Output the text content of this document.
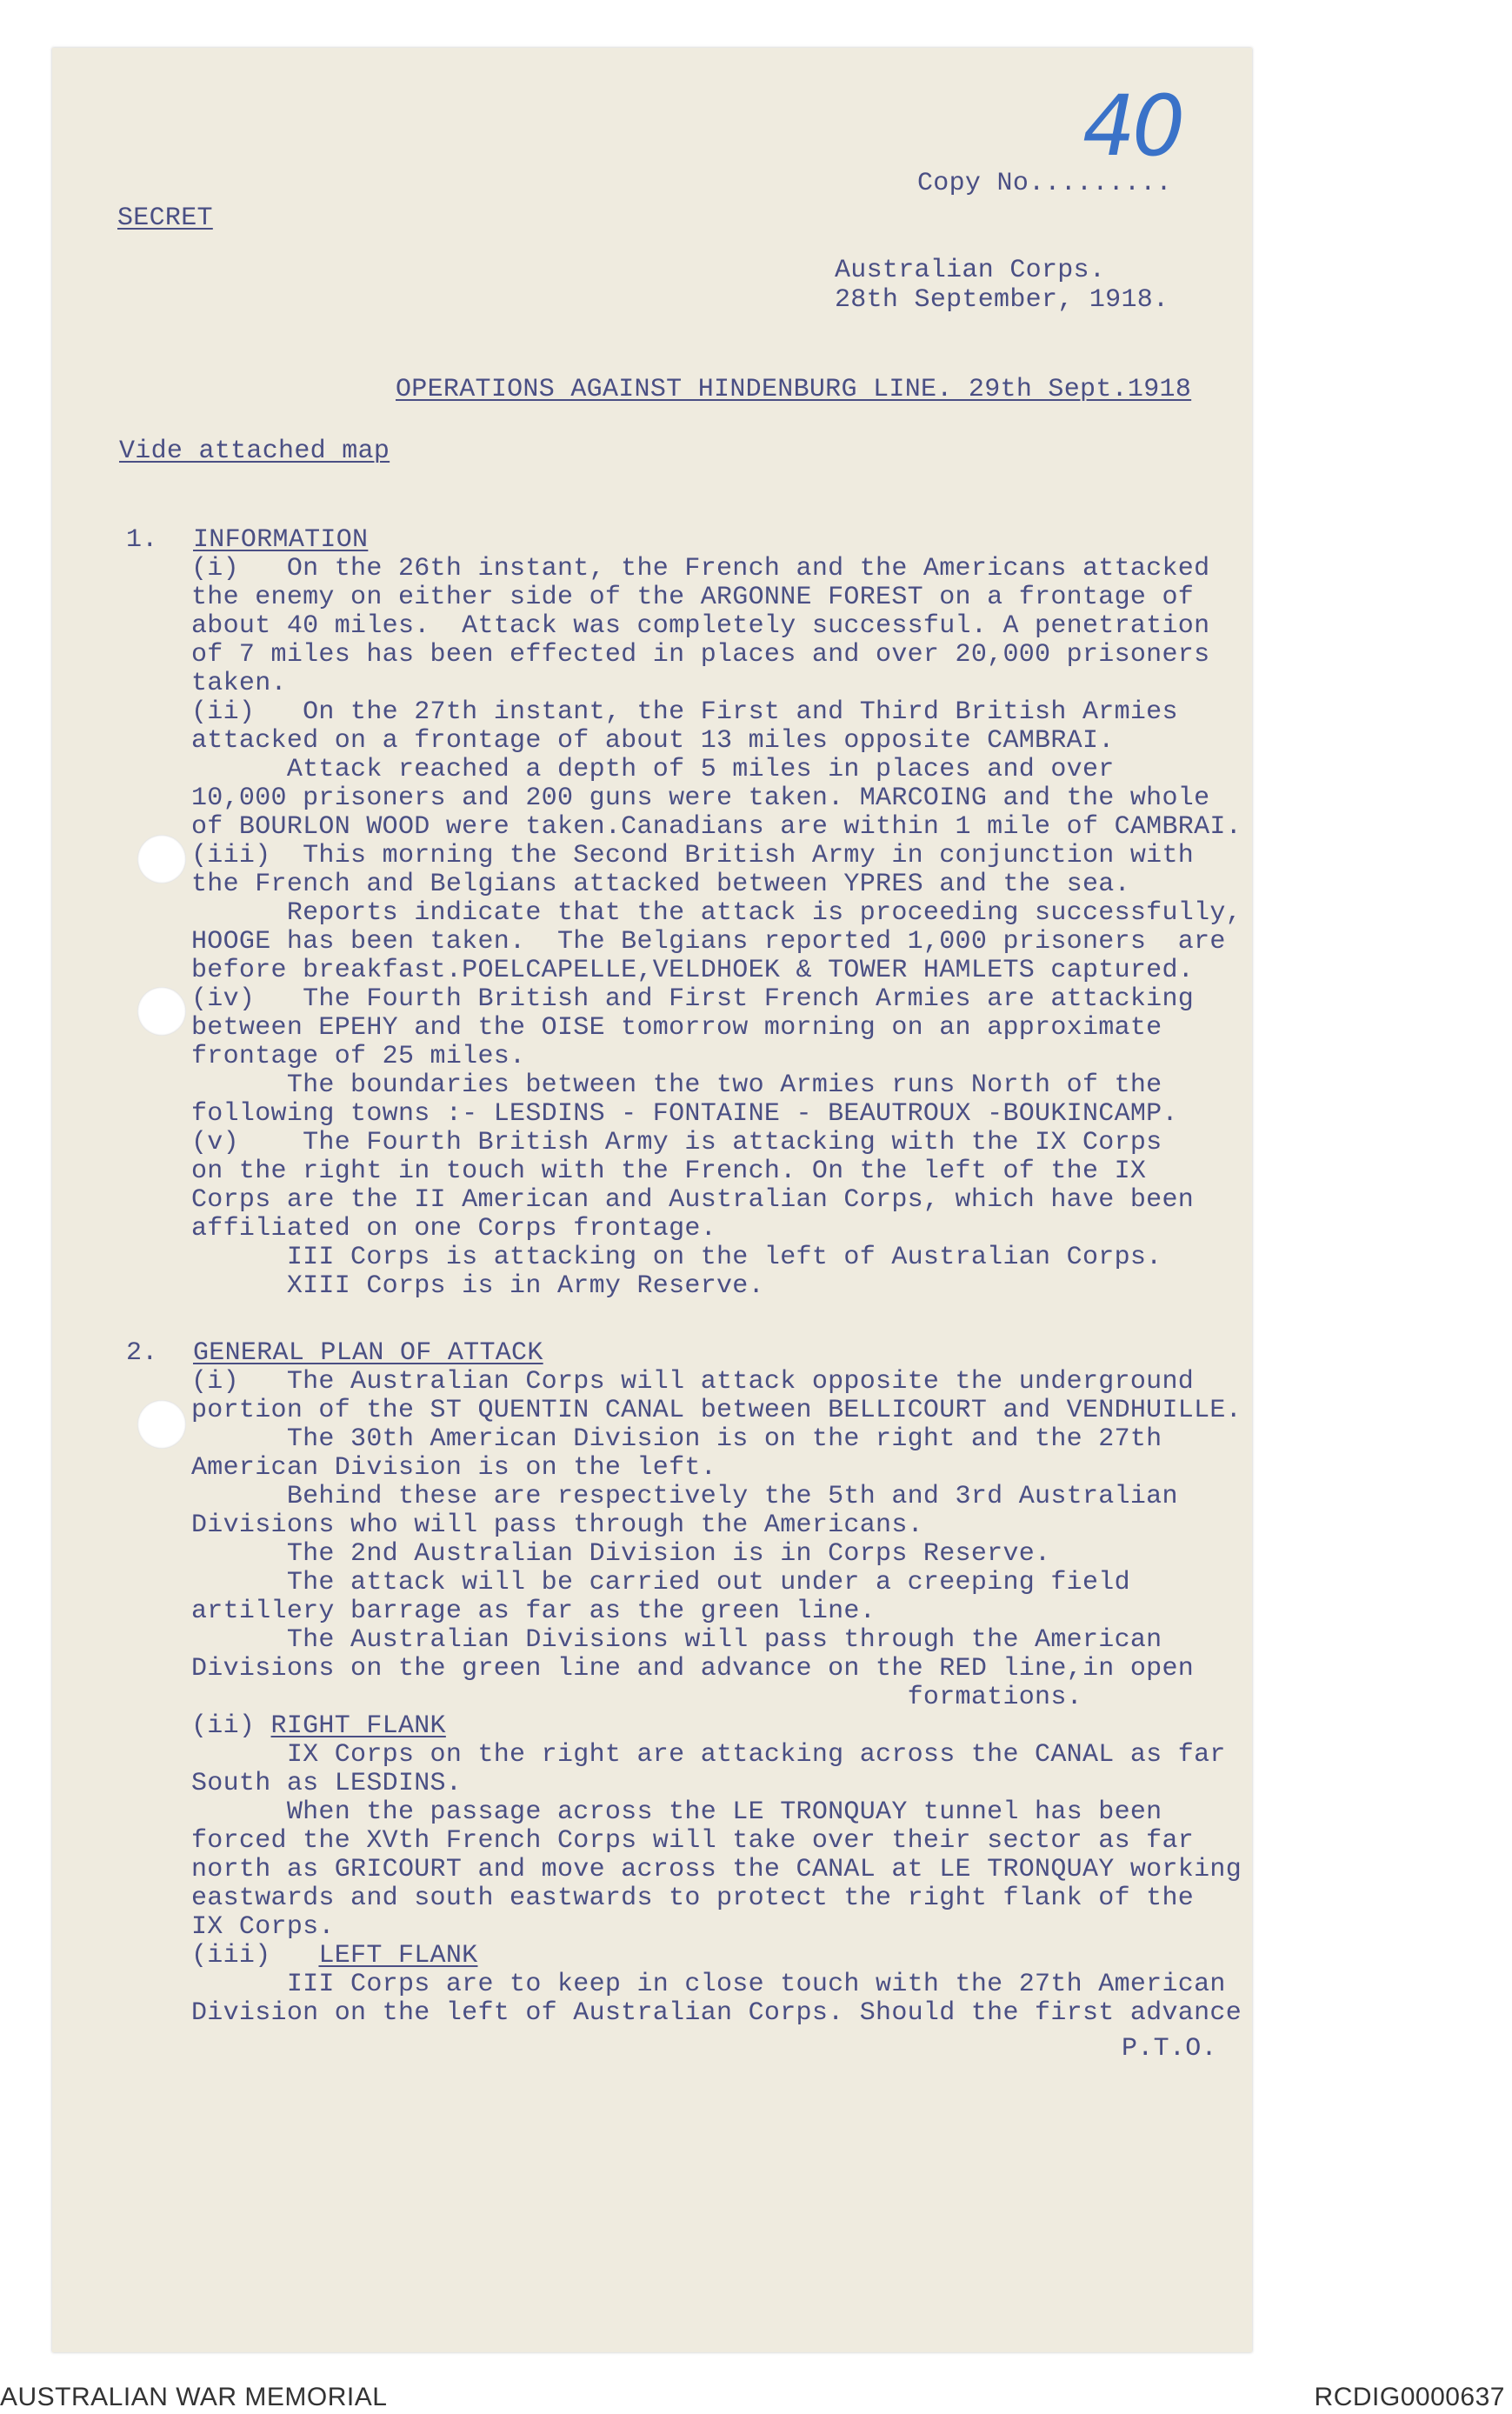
40
Copy No.........
SECRET
Australian Corps.
28th September, 1918.
OPERATIONS AGAINST HINDENBURG LINE. 29th Sept.1918
Vide attached map
1. INFORMATION
(i)   On the 26th instant, the French and the Americans attacked
the enemy on either side of the ARGONNE FOREST on a frontage of
about 40 miles.  Attack was completely successful. A penetration
of 7 miles has been effected in places and over 20,000 prisoners
taken.
(ii)   On the 27th instant, the First and Third British Armies
attacked on a frontage of about 13 miles opposite CAMBRAI.
Attack reached a depth of 5 miles in places and over
10,000 prisoners and 200 guns were taken. MARCOING and the whole
of BOURLON WOOD were taken.Canadians are within 1 mile of CAMBRAI.
(iii)  This morning the Second British Army in conjunction with
the French and Belgians attacked between YPRES and the sea.
Reports indicate that the attack is proceeding successfully,
HOOGE has been taken.  The Belgians reported 1,000 prisoners  are
before breakfast.POELCAPELLE,VELDHOEK & TOWER HAMLETS captured.
(iv)   The Fourth British and First French Armies are attacking
between EPEHY and the OISE tomorrow morning on an approximate
frontage of 25 miles.
The boundaries between the two Armies runs North of the
following towns :- LESDINS - FONTAINE - BEAUTROUX -BOUKINCAMP.
(v)    The Fourth British Army is attacking with the IX Corps
on the right in touch with the French. On the left of the IX
Corps are the II American and Australian Corps, which have been
affiliated on one Corps frontage.
III Corps is attacking on the left of Australian Corps.
XIII Corps is in Army Reserve.
2. GENERAL PLAN OF ATTACK
(i)   The Australian Corps will attack opposite the underground
portion of the ST QUENTIN CANAL between BELLICOURT and VENDHUILLE.
The 30th American Division is on the right and the 27th
American Division is on the left.
Behind these are respectively the 5th and 3rd Australian
Divisions who will pass through the Americans.
The 2nd Australian Division is in Corps Reserve.
The attack will be carried out under a creeping field
artillery barrage as far as the green line.
The Australian Divisions will pass through the American
Divisions on the green line and advance on the RED line,in open
formations.
(ii) RIGHT FLANK
IX Corps on the right are attacking across the CANAL as far
South as LESDINS.
When the passage across the LE TRONQUAY tunnel has been
forced the XVth French Corps will take over their sector as far
north as GRICOURT and move across the CANAL at LE TRONQUAY working
eastwards and south eastwards to protect the right flank of the
IX Corps.
(iii)   LEFT FLANK
III Corps are to keep in close touch with the 27th American
Division on the left of Australian Corps. Should the first advance
P.T.O.
AUSTRALIAN WAR MEMORIAL	RCDIG0000637
